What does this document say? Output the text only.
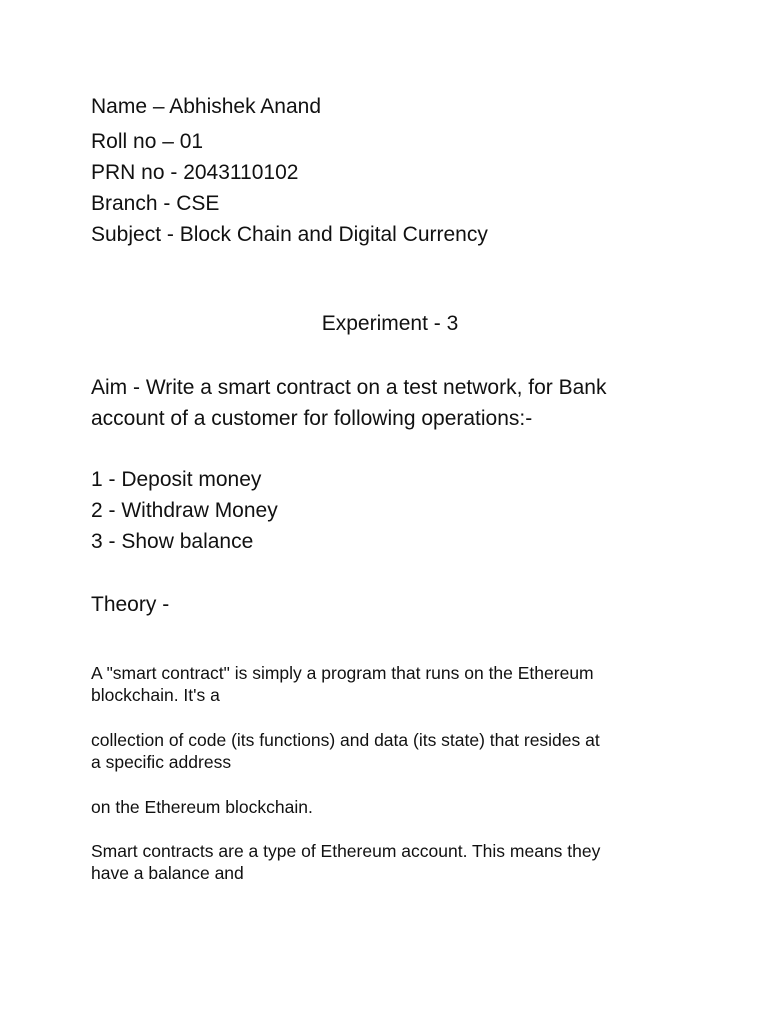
Name – Abhishek Anand
Roll no – 01
PRN no - 2043110102
Branch - CSE
Subject - Block Chain and Digital Currency
Experiment - 3
Aim - Write a smart contract on a test network, for Bank
account of a customer for following operations:-
1 - Deposit money
2 - Withdraw Money
3 - Show balance
Theory -
A "smart contract" is simply a program that runs on the Ethereum
blockchain. It's a
collection of code (its functions) and data (its state) that resides at
a specific address
on the Ethereum blockchain.
Smart contracts are a type of Ethereum account. This means they
have a balance and
